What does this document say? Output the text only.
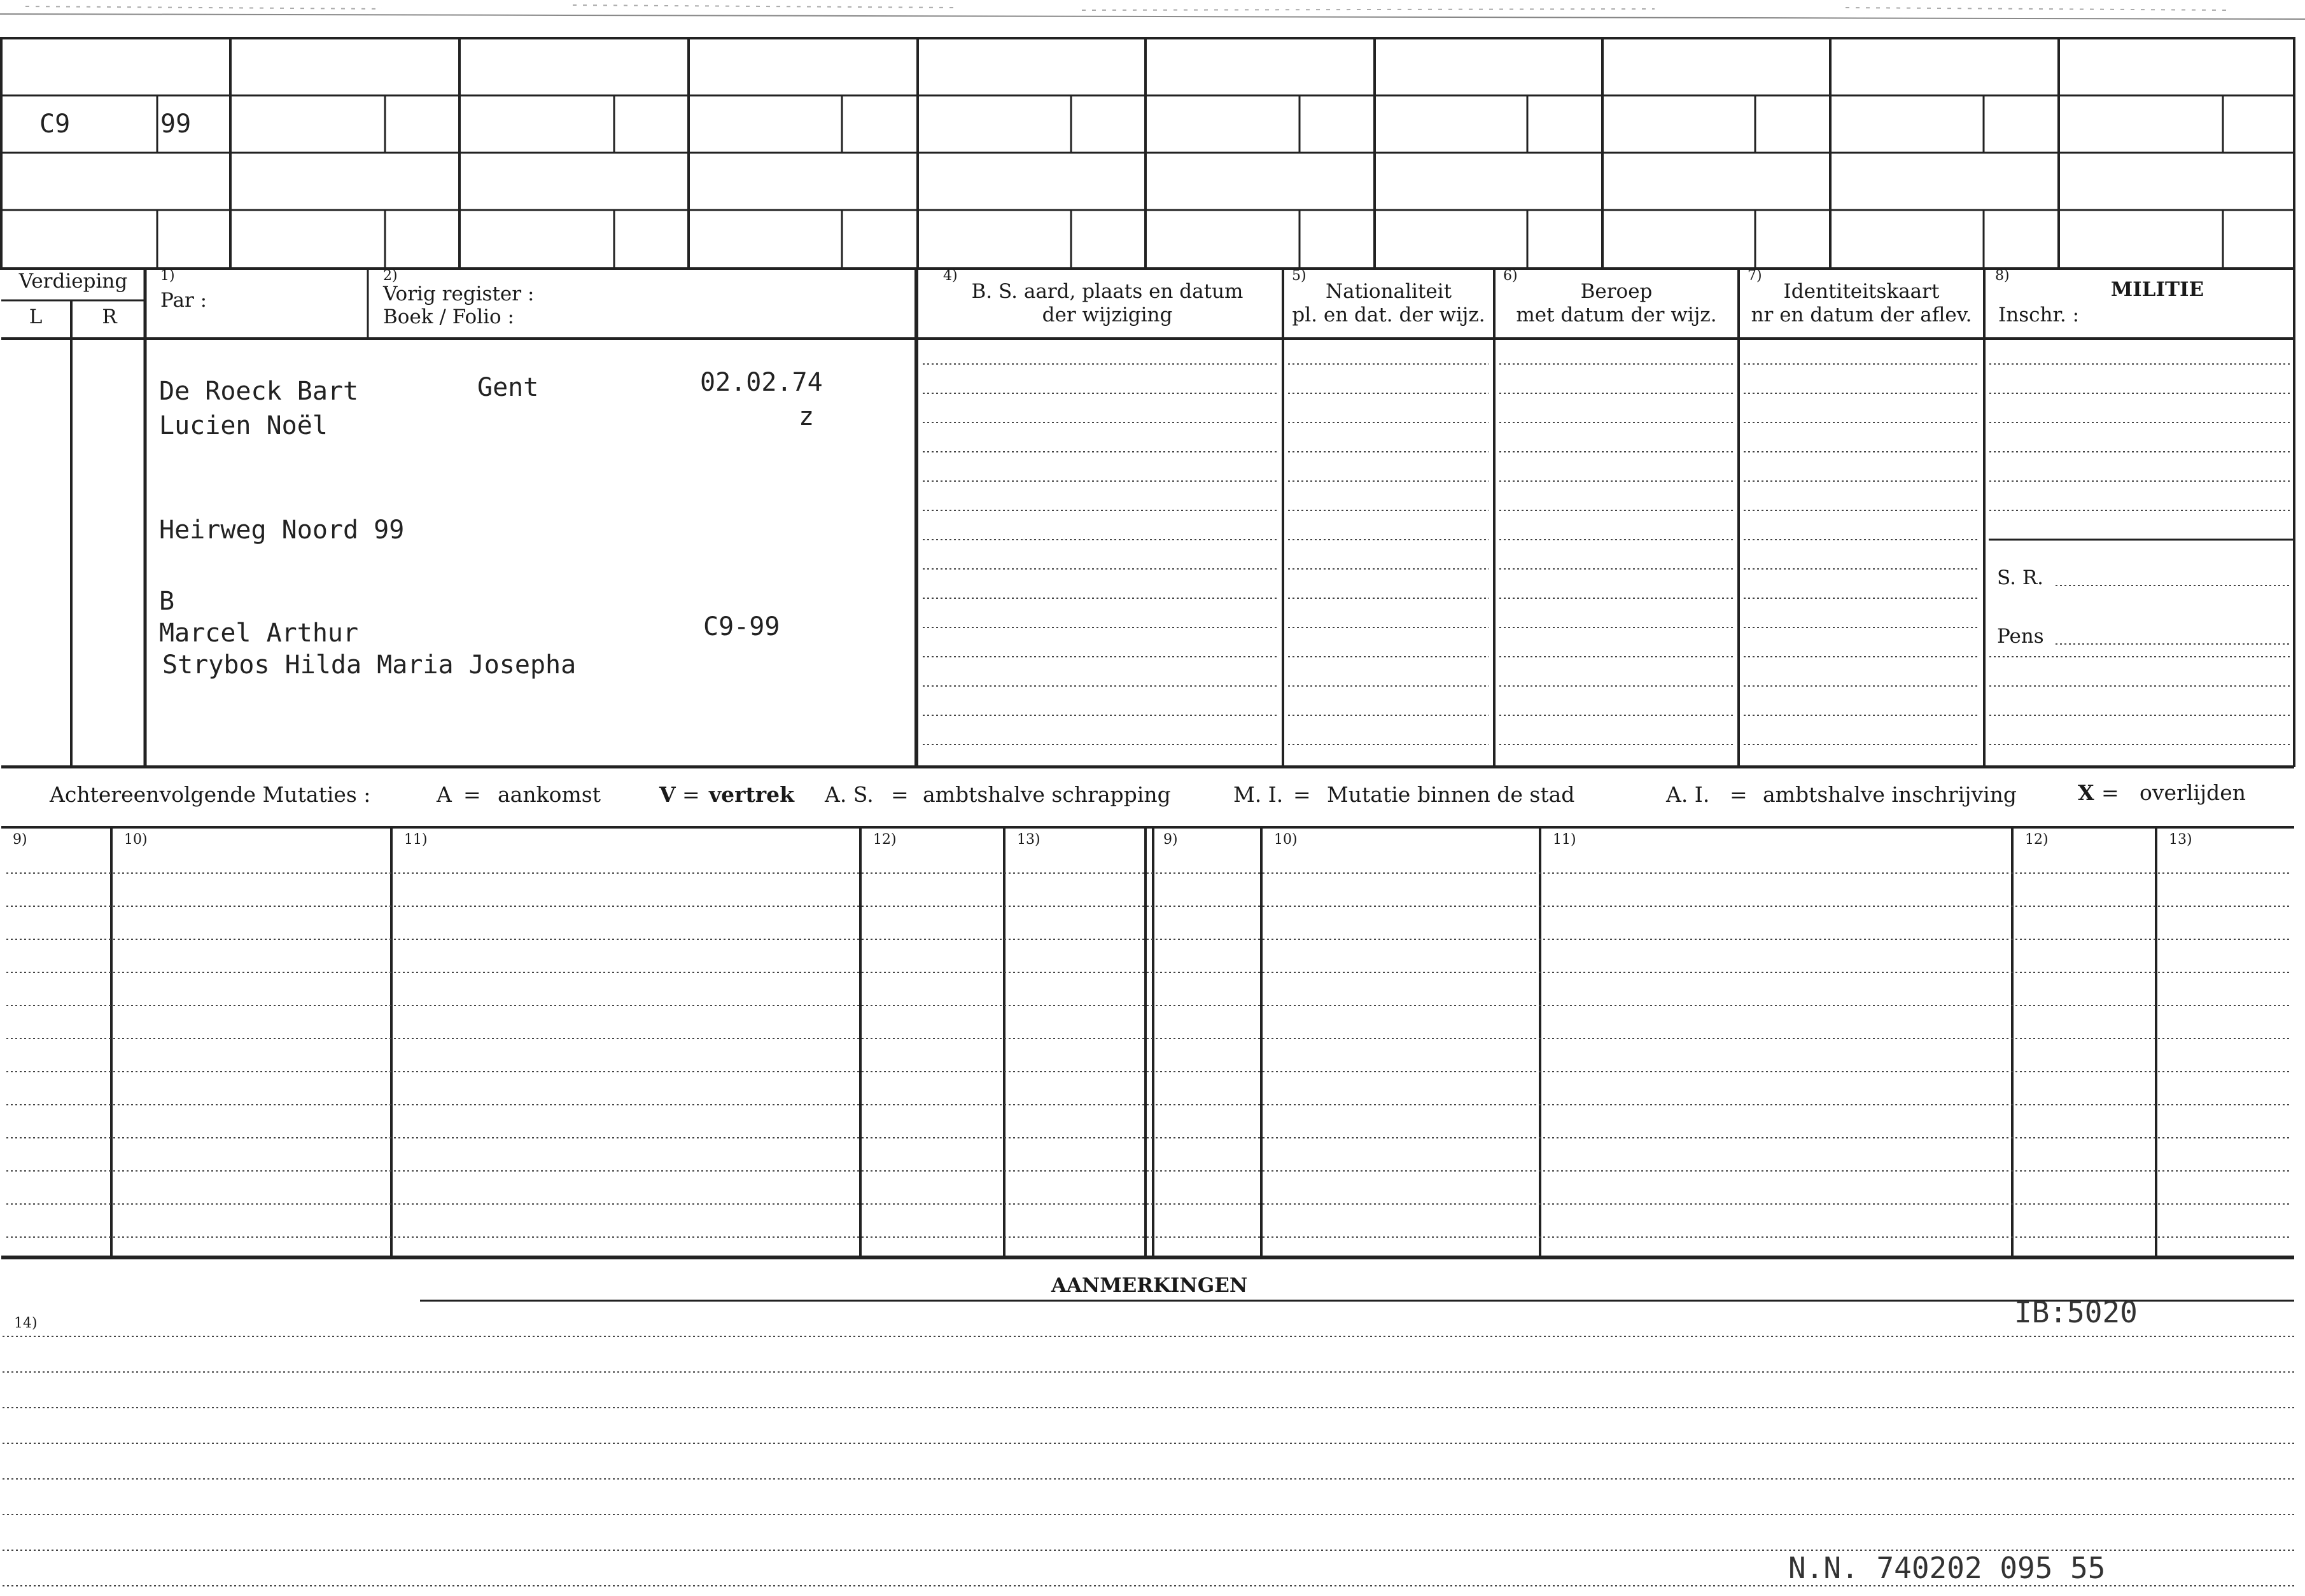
C9	99
Verdieping
L	R
1)
Par :
2)
Vorig register :
Boek / Folio :
4)
B. S. aard, plaats en datum
der wijziging
5)
Nationaliteit
pl. en dat. der wijz.
6)
Beroep
met datum der wijz.
7)
Identiteitskaart
nr en datum der aflev.
8)
MILITIE
Inschr. :
S. R.
Pens
De Roeck Bart	Gent	02.02.74
Lucien Noël	z
Heirweg Noord 99
B
Marcel Arthur	C9-99
Strybos Hilda Maria Josepha
Achtereenvolgende Mutaties :	A = aankomst	V = vertrek A. S. = ambtshalve schrapping	M. I. = Mutatie binnen de stad	A. I. = ambtshalve inschrijving	X = overlijden
9)	10)	11)	12)	13)	9)	10)	11)	12)	13)
AANMERKINGEN
14)	IB:5020
N.N. 740202 095 55
